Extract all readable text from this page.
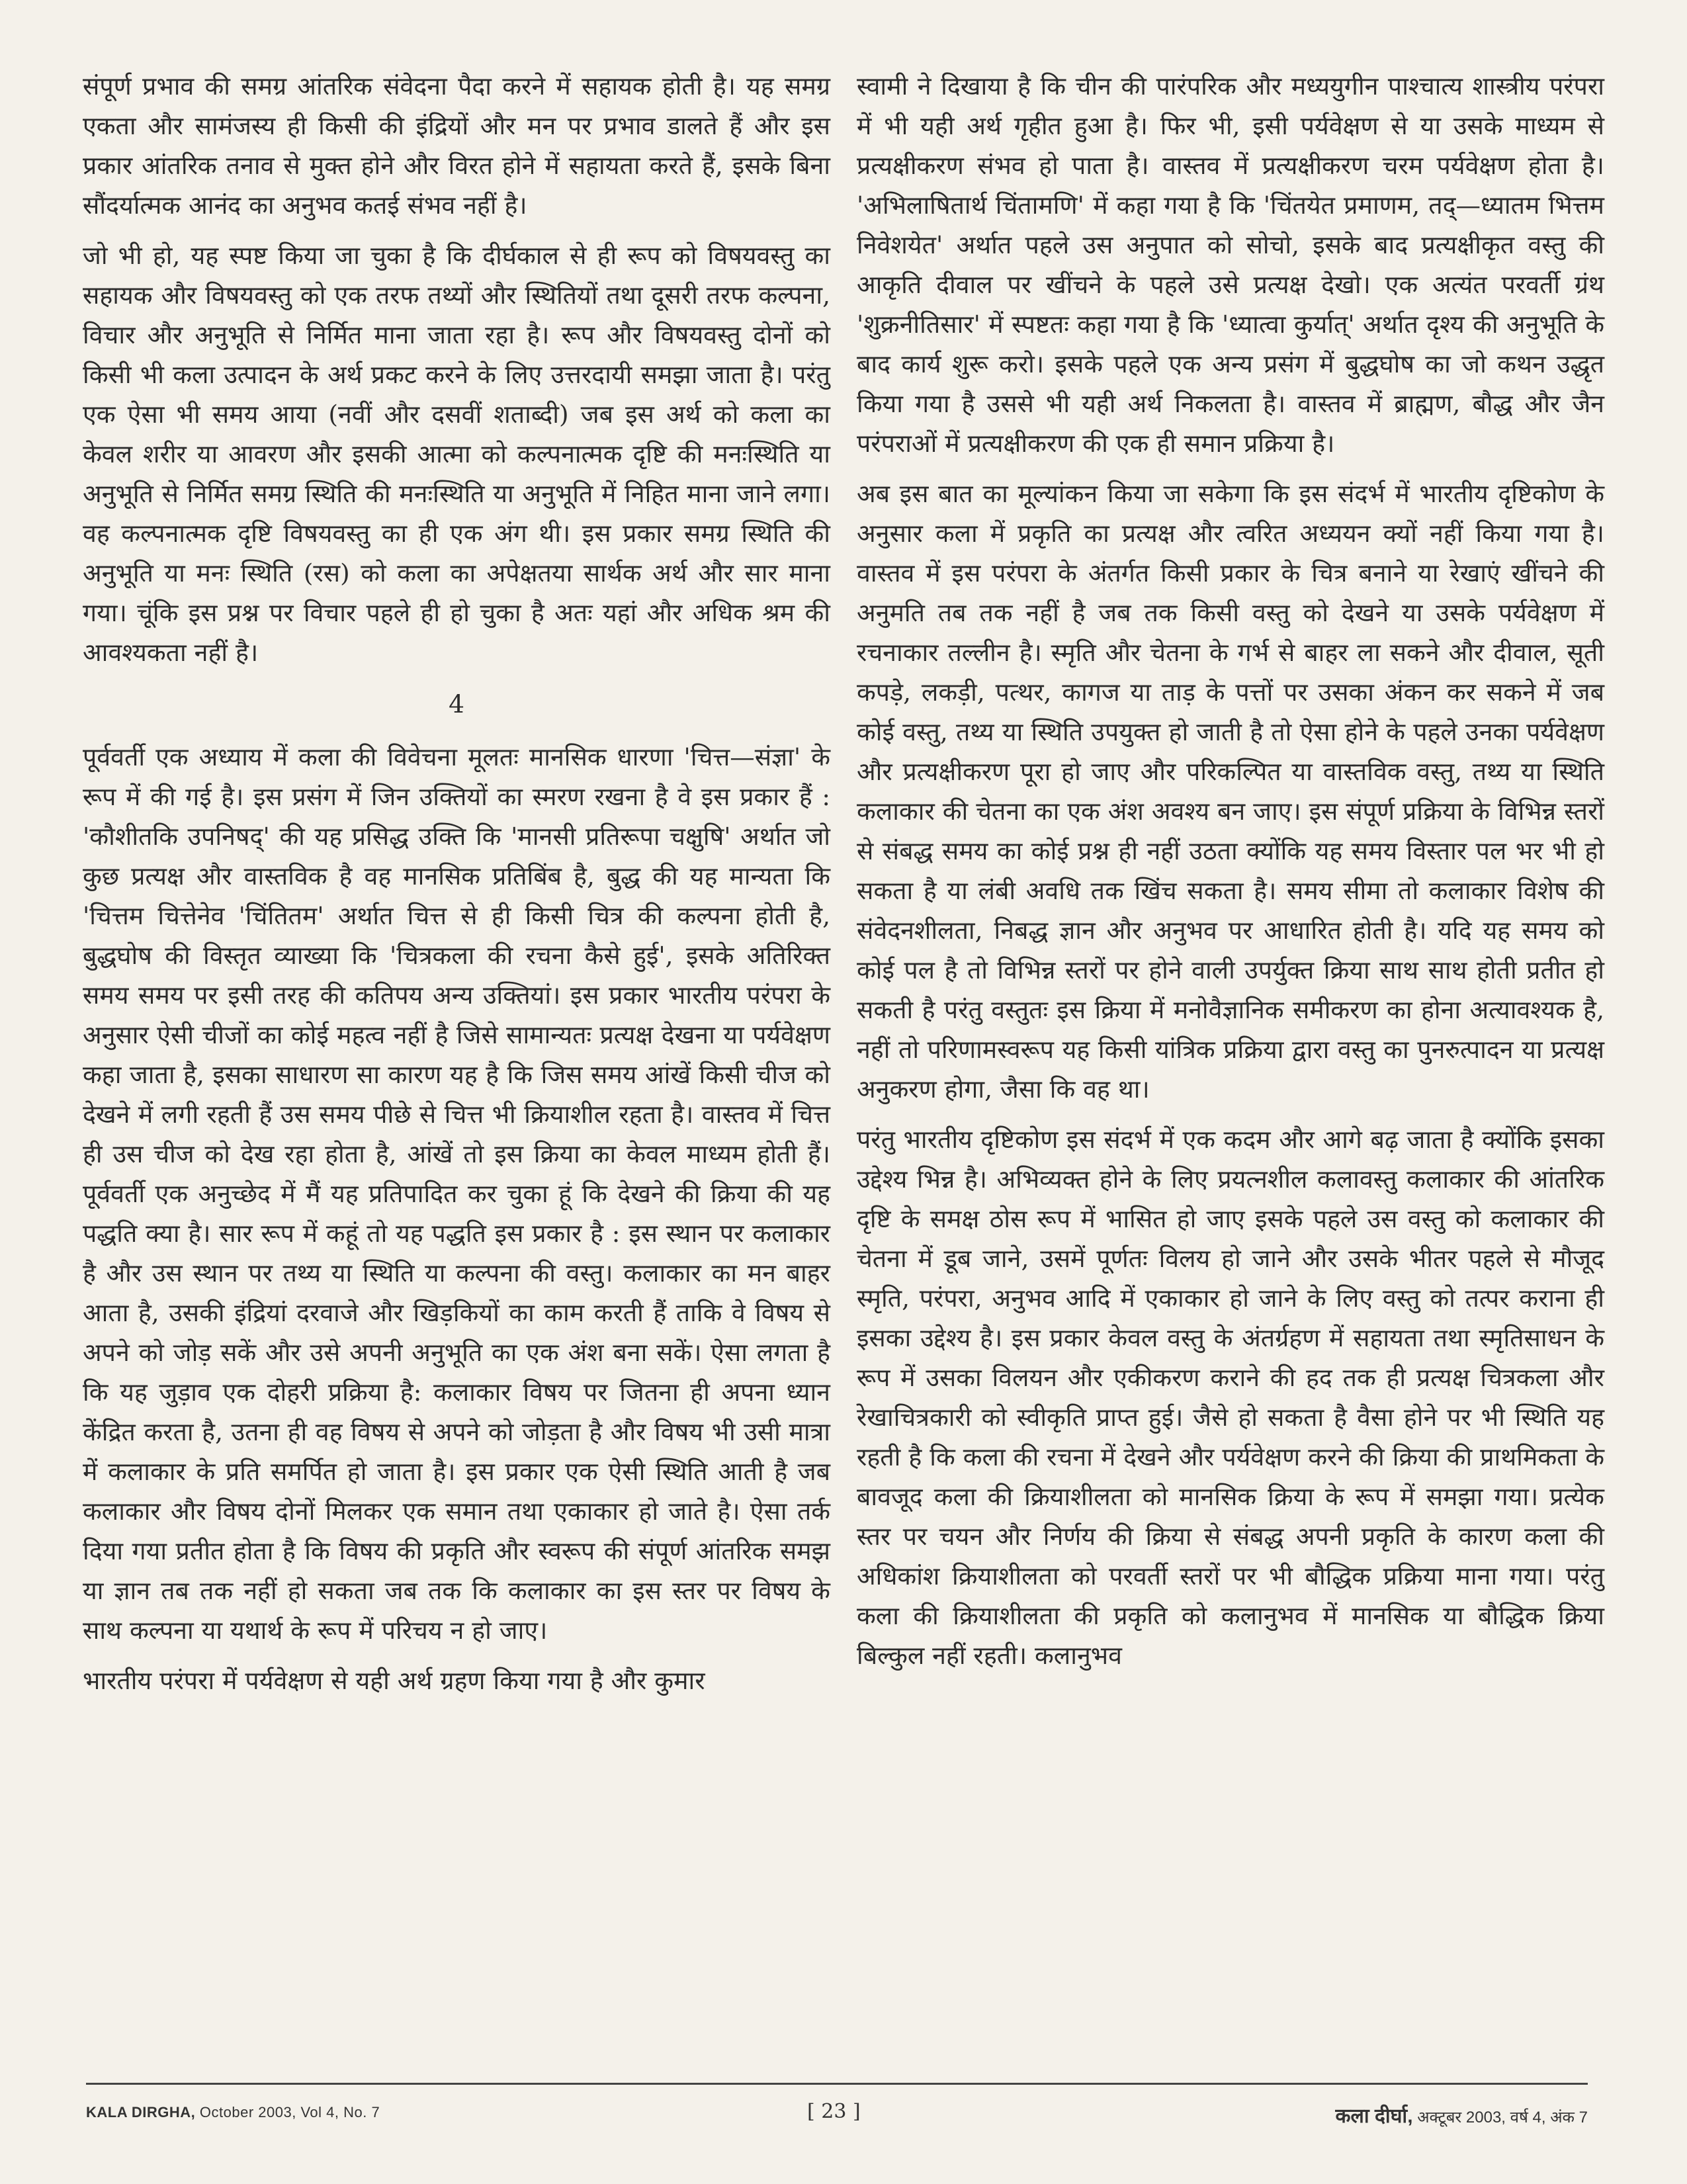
संपूर्ण प्रभाव की समग्र आंतरिक संवेदना पैदा करने में सहायक होती है। यह समग्र एकता और सामंजस्य ही किसी की इंद्रियों और मन पर प्रभाव डालते हैं और इस प्रकार आंतरिक तनाव से मुक्त होने और विरत होने में सहायता करते हैं, इसके बिना सौंदर्यात्मक आनंद का अनुभव कतई संभव नहीं है।

जो भी हो, यह स्पष्ट किया जा चुका है कि दीर्घकाल से ही रूप को विषयवस्तु का सहायक और विषयवस्तु को एक तरफ तथ्यों और स्थितियों तथा दूसरी तरफ कल्पना, विचार और अनुभूति से निर्मित माना जाता रहा है। रूप और विषयवस्तु दोनों को किसी भी कला उत्पादन के अर्थ प्रकट करने के लिए उत्तरदायी समझा जाता है। परंतु एक ऐसा भी समय आया (नवीं और दसवीं शताब्दी) जब इस अर्थ को कला का केवल शरीर या आवरण और इसकी आत्मा को कल्पनात्मक दृष्टि की मनःस्थिति या अनुभूति से निर्मित समग्र स्थिति की मनःस्थिति या अनुभूति में निहित माना जाने लगा। वह कल्पनात्मक दृष्टि विषयवस्तु का ही एक अंग थी। इस प्रकार समग्र स्थिति की अनुभूति या मनः स्थिति (रस) को कला का अपेक्षतया सार्थक अर्थ और सार माना गया। चूंकि इस प्रश्न पर विचार पहले ही हो चुका है अतः यहां और अधिक श्रम की आवश्यकता नहीं है।

4

पूर्ववर्ती एक अध्याय में कला की विवेचना मूलतः मानसिक धारणा 'चित्त—संज्ञा' के रूप में की गई है। इस प्रसंग में जिन उक्तियों का स्मरण रखना है वे इस प्रकार हैं : 'कौशीतकि उपनिषद्' की यह प्रसिद्ध उक्ति कि 'मानसी प्रतिरूपा चक्षुषि' अर्थात जो कुछ प्रत्यक्ष और वास्तविक है वह मानसिक प्रतिबिंब है, बुद्ध की यह मान्यता कि 'चित्तम चित्तेनेव 'चिंतितम' अर्थात चित्त से ही किसी चित्र की कल्पना होती है, बुद्धघोष की विस्तृत व्याख्या कि 'चित्रकला की रचना कैसे हुई', इसके अतिरिक्त समय समय पर इसी तरह की कतिपय अन्य उक्तियां। इस प्रकार भारतीय परंपरा के अनुसार ऐसी चीजों का कोई महत्व नहीं है जिसे सामान्यतः प्रत्यक्ष देखना या पर्यवेक्षण कहा जाता है, इसका साधारण सा कारण यह है कि जिस समय आंखें किसी चीज को देखने में लगी रहती हैं उस समय पीछे से चित्त भी क्रियाशील रहता है। वास्तव में चित्त ही उस चीज को देख रहा होता है, आंखें तो इस क्रिया का केवल माध्यम होती हैं। पूर्ववर्ती एक अनुच्छेद में मैं यह प्रतिपादित कर चुका हूं कि देखने की क्रिया की यह पद्धति क्या है। सार रूप में कहूं तो यह पद्धति इस प्रकार है : इस स्थान पर कलाकार है और उस स्थान पर तथ्य या स्थिति या कल्पना की वस्तु। कलाकार का मन बाहर आता है, उसकी इंद्रियां दरवाजे और खिड़कियों का काम करती हैं ताकि वे विषय से अपने को जोड़ सकें और उसे अपनी अनुभूति का एक अंश बना सकें। ऐसा लगता है कि यह जुड़ाव एक दोहरी प्रक्रिया है: कलाकार विषय पर जितना ही अपना ध्यान केंद्रित करता है, उतना ही वह विषय से अपने को जोड़ता है और विषय भी उसी मात्रा में कलाकार के प्रति समर्पित हो जाता है। इस प्रकार एक ऐसी स्थिति आती है जब कलाकार और विषय दोनों मिलकर एक समान तथा एकाकार हो जाते है। ऐसा तर्क दिया गया प्रतीत होता है कि विषय की प्रकृति और स्वरूप की संपूर्ण आंतरिक समझ या ज्ञान तब तक नहीं हो सकता जब तक कि कलाकार का इस स्तर पर विषय के साथ कल्पना या यथार्थ के रूप में परिचय न हो जाए।

भारतीय परंपरा में पर्यवेक्षण से यही अर्थ ग्रहण किया गया है और कुमार

स्वामी ने दिखाया है कि चीन की पारंपरिक और मध्ययुगीन पाश्चात्य शास्त्रीय परंपरा में भी यही अर्थ गृहीत हुआ है। फिर भी, इसी पर्यवेक्षण से या उसके माध्यम से प्रत्यक्षीकरण संभव हो पाता है। वास्तव में प्रत्यक्षीकरण चरम पर्यवेक्षण होता है। 'अभिलाषितार्थ चिंतामणि' में कहा गया है कि 'चिंतयेत प्रमाणम, तद्—ध्यातम भित्तम निवेशयेत' अर्थात पहले उस अनुपात को सोचो, इसके बाद प्रत्यक्षीकृत वस्तु की आकृति दीवाल पर खींचने के पहले उसे प्रत्यक्ष देखो। एक अत्यंत परवर्ती ग्रंथ 'शुक्रनीतिसार' में स्पष्टतः कहा गया है कि 'ध्यात्वा कुर्यात्' अर्थात दृश्य की अनुभूति के बाद कार्य शुरू करो। इसके पहले एक अन्य प्रसंग में बुद्धघोष का जो कथन उद्धृत किया गया है उससे भी यही अर्थ निकलता है। वास्तव में ब्राह्मण, बौद्ध और जैन परंपराओं में प्रत्यक्षीकरण की एक ही समान प्रक्रिया है।

अब इस बात का मूल्यांकन किया जा सकेगा कि इस संदर्भ में भारतीय दृष्टिकोण के अनुसार कला में प्रकृति का प्रत्यक्ष और त्वरित अध्ययन क्यों नहीं किया गया है। वास्तव में इस परंपरा के अंतर्गत किसी प्रकार के चित्र बनाने या रेखाएं खींचने की अनुमति तब तक नहीं है जब तक किसी वस्तु को देखने या उसके पर्यवेक्षण में रचनाकार तल्लीन है। स्मृति और चेतना के गर्भ से बाहर ला सकने और दीवाल, सूती कपड़े, लकड़ी, पत्थर, कागज या ताड़ के पत्तों पर उसका अंकन कर सकने में जब कोई वस्तु, तथ्य या स्थिति उपयुक्त हो जाती है तो ऐसा होने के पहले उनका पर्यवेक्षण और प्रत्यक्षीकरण पूरा हो जाए और परिकल्पित या वास्तविक वस्तु, तथ्य या स्थिति कलाकार की चेतना का एक अंश अवश्य बन जाए। इस संपूर्ण प्रक्रिया के विभिन्न स्तरों से संबद्ध समय का कोई प्रश्न ही नहीं उठता क्योंकि यह समय विस्तार पल भर भी हो सकता है या लंबी अवधि तक खिंच सकता है। समय सीमा तो कलाकार विशेष की संवेदनशीलता, निबद्ध ज्ञान और अनुभव पर आधारित होती है। यदि यह समय को कोई पल है तो विभिन्न स्तरों पर होने वाली उपर्युक्त क्रिया साथ साथ होती प्रतीत हो सकती है परंतु वस्तुतः इस क्रिया में मनोवैज्ञानिक समीकरण का होना अत्यावश्यक है, नहीं तो परिणामस्वरूप यह किसी यांत्रिक प्रक्रिया द्वारा वस्तु का पुनरुत्पादन या प्रत्यक्ष अनुकरण होगा, जैसा कि वह था।

परंतु भारतीय दृष्टिकोण इस संदर्भ में एक कदम और आगे बढ़ जाता है क्योंकि इसका उद्देश्य भिन्न है। अभिव्यक्त होने के लिए प्रयत्नशील कलावस्तु कलाकार की आंतरिक दृष्टि के समक्ष ठोस रूप में भासित हो जाए इसके पहले उस वस्तु को कलाकार की चेतना में डूब जाने, उसमें पूर्णतः विलय हो जाने और उसके भीतर पहले से मौजूद स्मृति, परंपरा, अनुभव आदि में एकाकार हो जाने के लिए वस्तु को तत्पर कराना ही इसका उद्देश्य है। इस प्रकार केवल वस्तु के अंतर्ग्रहण में सहायता तथा स्मृतिसाधन के रूप में उसका विलयन और एकीकरण कराने की हद तक ही प्रत्यक्ष चित्रकला और रेखाचित्रकारी को स्वीकृति प्राप्त हुई। जैसे हो सकता है वैसा होने पर भी स्थिति यह रहती है कि कला की रचना में देखने और पर्यवेक्षण करने की क्रिया की प्राथमिकता के बावजूद कला की क्रियाशीलता को मानसिक क्रिया के रूप में समझा गया। प्रत्येक स्तर पर चयन और निर्णय की क्रिया से संबद्ध अपनी प्रकृति के कारण कला की अधिकांश क्रियाशीलता को परवर्ती स्तरों पर भी बौद्धिक प्रक्रिया माना गया। परंतु कला की क्रियाशीलता की प्रकृति को कलानुभव में मानसिक या बौद्धिक क्रिया बिल्कुल नहीं रहती। कलानुभव

KALA DIRGHA, October 2003, Vol 4, No. 7	[ 23 ]	कला दीर्घा, अक्टूबर 2003, वर्ष 4, अंक 7
